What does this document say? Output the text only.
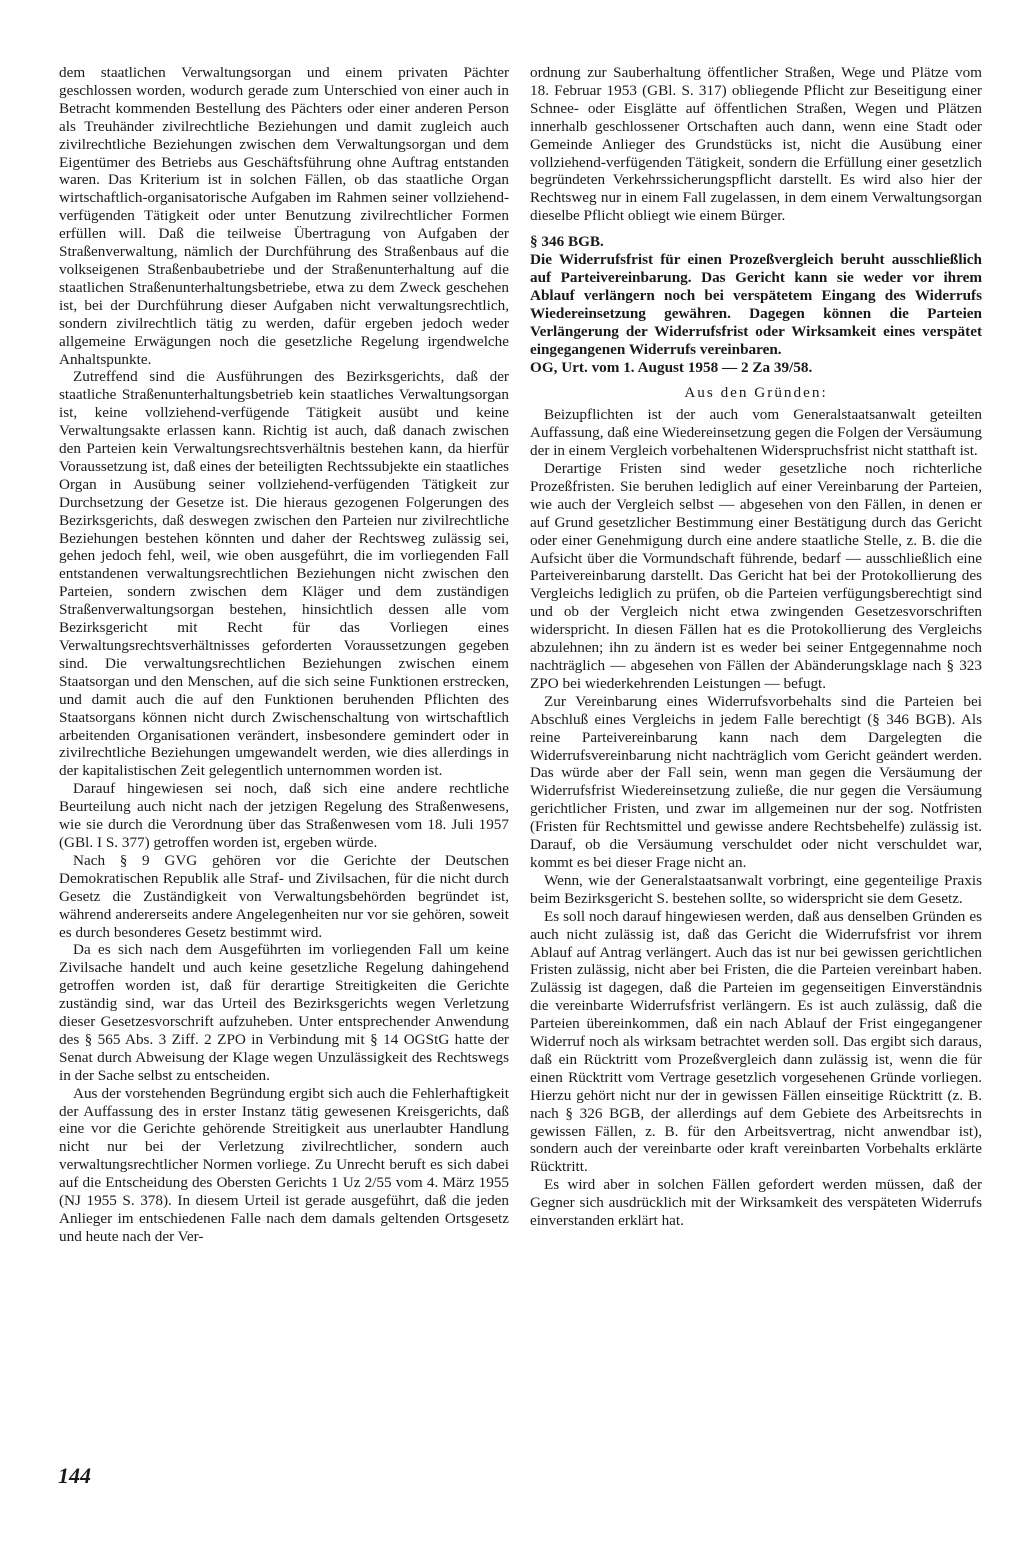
dem staatlichen Verwaltungsorgan und einem privaten Pächter geschlossen worden, wodurch gerade zum Unterschied von einer auch in Betracht kommenden Bestellung des Pächters oder einer anderen Person als Treuhänder zivilrechtliche Beziehungen und damit zugleich auch zivilrechtliche Beziehungen zwischen dem Verwaltungsorgan und dem Eigentümer des Betriebs aus Geschäftsführung ohne Auftrag entstanden waren. Das Kriterium ist in solchen Fällen, ob das staatliche Organ wirtschaftlich-organisatorische Aufgaben im Rahmen seiner vollziehend-verfügenden Tätigkeit oder unter Benutzung zivilrechtlicher Formen erfüllen will. Daß die teilweise Übertragung von Aufgaben der Straßenverwaltung, nämlich der Durchführung des Straßenbaus auf die volkseigenen Straßenbaubetriebe und der Straßenunterhaltung auf die staatlichen Straßenunterhaltungsbetriebe, etwa zu dem Zweck geschehen ist, bei der Durchführung dieser Aufgaben nicht verwaltungsrechtlich, sondern zivilrechtlich tätig zu werden, dafür ergeben jedoch weder allgemeine Erwägungen noch die gesetzliche Regelung irgendwelche Anhaltspunkte.

Zutreffend sind die Ausführungen des Bezirksgerichts, daß der staatliche Straßenunterhaltungsbetrieb kein staatliches Verwaltungsorgan ist, keine vollziehend-verfügende Tätigkeit ausübt und keine Verwaltungsakte erlassen kann. Richtig ist auch, daß danach zwischen den Parteien kein Verwaltungsrechtsverhältnis bestehen kann, da hierfür Voraussetzung ist, daß eines der beteiligten Rechtssubjekte ein staatliches Organ in Ausübung seiner vollziehend-verfügenden Tätigkeit zur Durchsetzung der Gesetze ist. Die hieraus gezogenen Folgerungen des Bezirksgerichts, daß deswegen zwischen den Parteien nur zivilrechtliche Beziehungen bestehen könnten und daher der Rechtsweg zulässig sei, gehen jedoch fehl, weil, wie oben ausgeführt, die im vorliegenden Fall entstandenen verwaltungsrechtlichen Beziehungen nicht zwischen den Parteien, sondern zwischen dem Kläger und dem zuständigen Straßenverwaltungsorgan bestehen, hinsichtlich dessen alle vom Bezirksgericht mit Recht für das Vorliegen eines Verwaltungsrechtsverhältnisses geforderten Voraussetzungen gegeben sind. Die verwaltungsrechtlichen Beziehungen zwischen einem Staatsorgan und den Menschen, auf die sich seine Funktionen erstrecken, und damit auch die auf den Funktionen beruhenden Pflichten des Staatsorgans können nicht durch Zwischenschaltung von wirtschaftlich arbeitenden Organisationen verändert, insbesondere gemindert oder in zivilrechtliche Beziehungen umgewandelt werden, wie dies allerdings in der kapitalistischen Zeit gelegentlich unternommen worden ist.

Darauf hingewiesen sei noch, daß sich eine andere rechtliche Beurteilung auch nicht nach der jetzigen Regelung des Straßenwesens, wie sie durch die Verordnung über das Straßenwesen vom 18. Juli 1957 (GBl. I S. 377) getroffen worden ist, ergeben würde.

Nach § 9 GVG gehören vor die Gerichte der Deutschen Demokratischen Republik alle Straf- und Zivilsachen, für die nicht durch Gesetz die Zuständigkeit von Verwaltungsbehörden begründet ist, während andererseits andere Angelegenheiten nur vor sie gehören, soweit es durch besonderes Gesetz bestimmt wird.

Da es sich nach dem Ausgeführten im vorliegenden Fall um keine Zivilsache handelt und auch keine gesetzliche Regelung dahingehend getroffen worden ist, daß für derartige Streitigkeiten die Gerichte zuständig sind, war das Urteil des Bezirksgerichts wegen Verletzung dieser Gesetzesvorschrift aufzuheben. Unter entsprechender Anwendung des § 565 Abs. 3 Ziff. 2 ZPO in Verbindung mit § 14 OGStG hatte der Senat durch Abweisung der Klage wegen Unzulässigkeit des Rechtswegs in der Sache selbst zu entscheiden.

Aus der vorstehenden Begründung ergibt sich auch die Fehlerhaftigkeit der Auffassung des in erster Instanz tätig gewesenen Kreisgerichts, daß eine vor die Gerichte gehörende Streitigkeit aus unerlaubter Handlung nicht nur bei der Verletzung zivilrechtlicher, sondern auch verwaltungsrechtlicher Normen vorliege. Zu Unrecht beruft es sich dabei auf die Entscheidung des Obersten Gerichts 1 Uz 2/55 vom 4. März 1955 (NJ 1955 S. 378). In diesem Urteil ist gerade ausgeführt, daß die jeden Anlieger im entschiedenen Falle nach dem damals geltenden Ortsgesetz und heute nach der Ver-

ordnung zur Sauberhaltung öffentlicher Straßen, Wege und Plätze vom 18. Februar 1953 (GBl. S. 317) obliegende Pflicht zur Beseitigung einer Schnee- oder Eisglätte auf öffentlichen Straßen, Wegen und Plätzen innerhalb geschlossener Ortschaften auch dann, wenn eine Stadt oder Gemeinde Anlieger des Grundstücks ist, nicht die Ausübung einer vollziehend-verfügenden Tätigkeit, sondern die Erfüllung einer gesetzlich begründeten Verkehrssicherungspflicht darstellt. Es wird also hier der Rechtsweg nur in einem Fall zugelassen, in dem einem Verwaltungsorgan dieselbe Pflicht obliegt wie einem Bürger.

§ 346 BGB.

Die Widerrufsfrist für einen Prozeßvergleich beruht ausschließlich auf Parteivereinbarung. Das Gericht kann sie weder vor ihrem Ablauf verlängern noch bei verspätetem Eingang des Widerrufs Wiedereinsetzung gewähren. Dagegen können die Parteien Verlängerung der Widerrufsfrist oder Wirksamkeit eines verspätet eingegangenen Widerrufs vereinbaren.

OG, Urt. vom 1. August 1958 — 2 Za 39/58.

Aus den Gründen:

Beizupflichten ist der auch vom Generalstaatsanwalt geteilten Auffassung, daß eine Wiedereinsetzung gegen die Folgen der Versäumung der in einem Vergleich vorbehaltenen Widerspruchsfrist nicht statthaft ist.

Derartige Fristen sind weder gesetzliche noch richterliche Prozeßfristen. Sie beruhen lediglich auf einer Vereinbarung der Parteien, wie auch der Vergleich selbst — abgesehen von den Fällen, in denen er auf Grund gesetzlicher Bestimmung einer Bestätigung durch das Gericht oder einer Genehmigung durch eine andere staatliche Stelle, z. B. die die Aufsicht über die Vormundschaft führende, bedarf — ausschließlich eine Parteivereinbarung darstellt. Das Gericht hat bei der Protokollierung des Vergleichs lediglich zu prüfen, ob die Parteien verfügungsberechtigt sind und ob der Vergleich nicht etwa zwingenden Gesetzesvorschriften widerspricht. In diesen Fällen hat es die Protokollierung des Vergleichs abzulehnen; ihn zu ändern ist es weder bei seiner Entgegennahme noch nachträglich — abgesehen von Fällen der Abänderungsklage nach § 323 ZPO bei wiederkehrenden Leistungen — befugt.

Zur Vereinbarung eines Widerrufsvorbehalts sind die Parteien bei Abschluß eines Vergleichs in jedem Falle berechtigt (§ 346 BGB). Als reine Parteivereinbarung kann nach dem Dargelegten die Widerrufsvereinbarung nicht nachträglich vom Gericht geändert werden. Das würde aber der Fall sein, wenn man gegen die Versäumung der Widerrufsfrist Wiedereinsetzung zuließe, die nur gegen die Versäumung gerichtlicher Fristen, und zwar im allgemeinen nur der sog. Notfristen (Fristen für Rechtsmittel und gewisse andere Rechtsbehelfe) zulässig ist. Darauf, ob die Versäumung verschuldet oder nicht verschuldet war, kommt es bei dieser Frage nicht an.

Wenn, wie der Generalstaatsanwalt vorbringt, eine gegenteilige Praxis beim Bezirksgericht S. bestehen sollte, so widerspricht sie dem Gesetz.

Es soll noch darauf hingewiesen werden, daß aus denselben Gründen es auch nicht zulässig ist, daß das Gericht die Widerrufsfrist vor ihrem Ablauf auf Antrag verlängert. Auch das ist nur bei gewissen gerichtlichen Fristen zulässig, nicht aber bei Fristen, die die Parteien vereinbart haben. Zulässig ist dagegen, daß die Parteien im gegenseitigen Einverständnis die vereinbarte Widerrufsfrist verlängern. Es ist auch zulässig, daß die Parteien übereinkommen, daß ein nach Ablauf der Frist eingegangener Widerruf noch als wirksam betrachtet werden soll. Das ergibt sich daraus, daß ein Rücktritt vom Prozeßvergleich dann zulässig ist, wenn die für einen Rücktritt vom Vertrage gesetzlich vorgesehenen Gründe vorliegen. Hierzu gehört nicht nur der in gewissen Fällen einseitige Rücktritt (z. B. nach § 326 BGB, der allerdings auf dem Gebiete des Arbeitsrechts in gewissen Fällen, z. B. für den Arbeitsvertrag, nicht anwendbar ist), sondern auch der vereinbarte oder kraft vereinbarten Vorbehalts erklärte Rücktritt.

Es wird aber in solchen Fällen gefordert werden müssen, daß der Gegner sich ausdrücklich mit der Wirksamkeit des verspäteten Widerrufs einverstanden erklärt hat.

144
